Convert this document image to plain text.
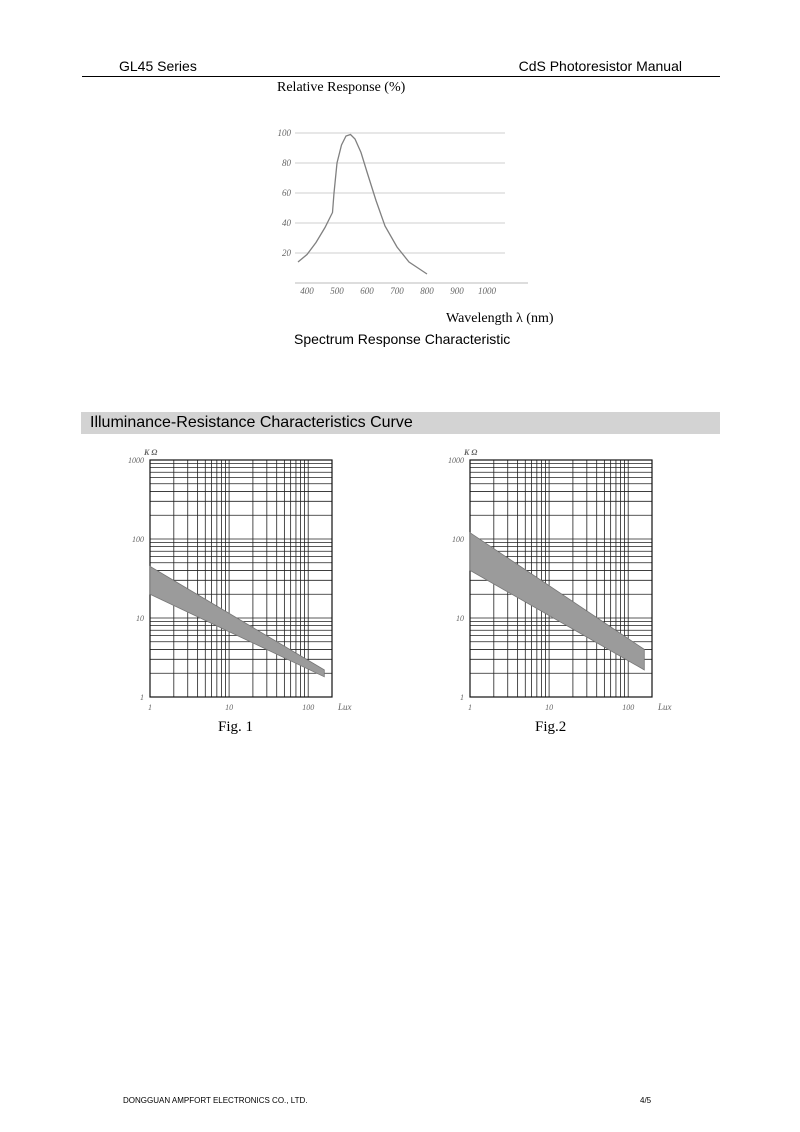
GL45 Series	CdS Photoresistor Manual
Relative Response (%)
20
40
60
80
100
400 500 600 700 800 900 1000
Wavelength λ (nm)
Spectrum Response Characteristic
Illuminance-Resistance Characteristics Curve
1
10
100
1000
1	10	100
K Ω
Lux
1
10
100
1000
1	10	100
K Ω
Lux
Fig. 1	Fig.2
DONGGUAN AMPFORT ELECTRONICS CO., LTD.	4/5
